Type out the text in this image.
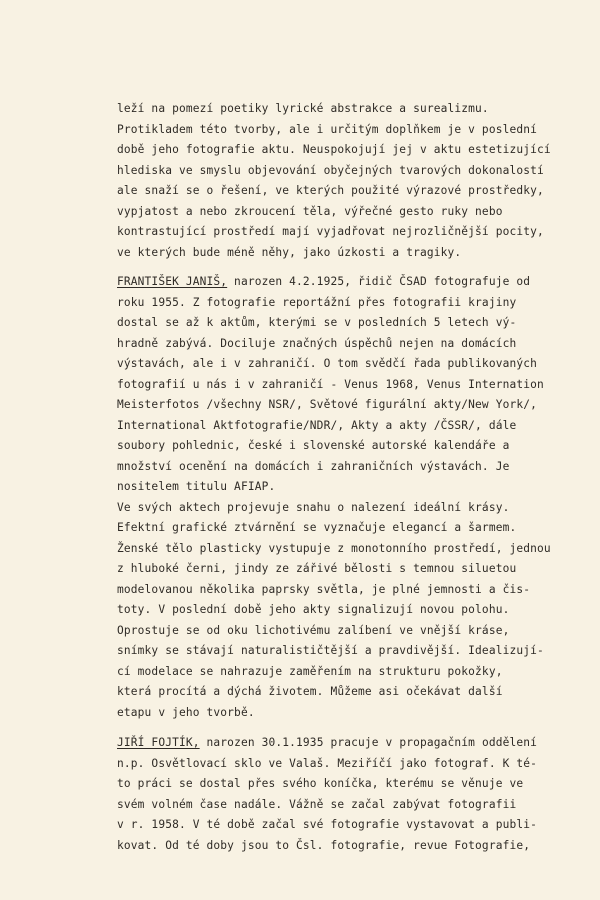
leží na pomezí poetiky lyrické abstrakce a surealizmu.
Protikladem této tvorby, ale i určitým doplňkem je v poslední
době jeho fotografie aktu. Neuspokojují jej v aktu estetizující
hlediska ve smyslu objevování obyčejných tvarových dokonalostí
ale snaží se o řešení, ve kterých použité výrazové prostředky,
vypjatost a nebo zkroucení těla, výřečné gesto ruky nebo
kontrastující prostředí mají vyjadřovat nejrozličnější pocity,
ve kterých bude méně něhy, jako úzkosti a tragiky.
FRANTIŠEK JANIŠ, narozen 4.2.1925, řidič ČSAD fotografuje od
roku 1955. Z fotografie reportážní přes fotografii krajiny
dostal se až k aktům, kterými se v posledních 5 letech vý-
hradně zabývá. Dociluje značných úspěchů nejen na domácích
výstavách, ale i v zahraničí. O tom svědčí řada publikovaných
fotografií u nás i v zahraničí - Venus 1968, Venus Internation
Meisterfotos /všechny NSR/, Světové figurální akty/New York/,
International Aktfotografie/NDR/, Akty a akty /ČSSR/, dále
soubory pohlednic, české i slovenské autorské kalendáře a
množství ocenění na domácích i zahraničních výstavách. Je
nositelem titulu AFIAP.
Ve svých aktech projevuje snahu o nalezení ideální krásy.
Efektní grafické ztvárnění se vyznačuje elegancí a šarmem.
Ženské tělo plasticky vystupuje z monotonního prostředí, jednou
z hluboké černi, jindy ze zářivé bělosti s temnou siluetou
modelovanou několika paprsky světla, je plné jemnosti a čis-
toty. V poslední době jeho akty signalizují novou polohu.
Oprostuje se od oku lichotivému zalíbení ve vnější kráse,
snímky se stávají naturalističtější a pravdivější. Idealizují-
cí modelace se nahrazuje zaměřením na strukturu pokožky,
která procítá a dýchá životem. Můžeme asi očekávat další
etapu v jeho tvorbě.
JIŘÍ FOJTÍK, narozen 30.1.1935 pracuje v propagačním oddělení
n.p. Osvětlovací sklo ve Valaš. Meziříčí jako fotograf. K té-
to práci se dostal přes svého koníčka, kterému se věnuje ve
svém volném čase nadále. Vážně se začal zabývat fotografii
v r. 1958. V té době začal své fotografie vystavovat a publi-
kovat. Od té doby jsou to Čsl. fotografie, revue Fotografie,
